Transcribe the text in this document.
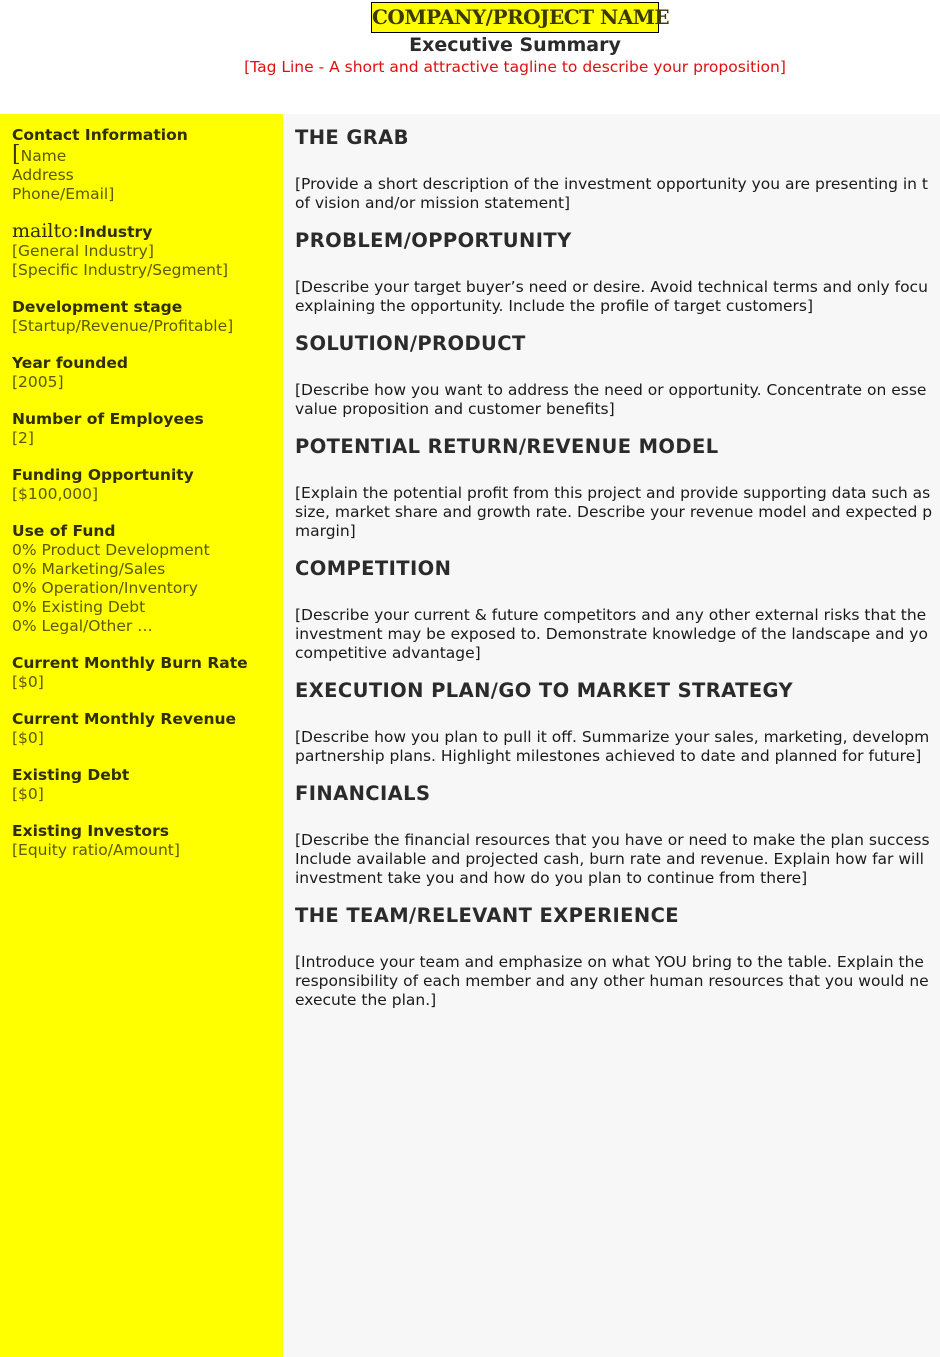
COMPANY/PROJECT NAME
Executive Summary
[Tag Line - A short and attractive tagline to describe your proposition]
Contact Information
[Name
Address
Phone/Email]
mailto:Industry
[General Industry]
[Specific Industry/Segment]
Development stage
[Startup/Revenue/Profitable]
Year founded
[2005]
Number of Employees
[2]
Funding Opportunity
[$100,000]
Use of Fund
0% Product Development
0% Marketing/Sales
0% Operation/Inventory
0% Existing Debt
0% Legal/Other …
Current Monthly Burn Rate
[$0]
Current Monthly Revenue
[$0]
Existing Debt
[$0]
Existing Investors
[Equity ratio/Amount]
THE GRAB
[Provide a short description of the investment opportunity you are presenting in t
of vision and/or mission statement]
PROBLEM/OPPORTUNITY
[Describe your target buyer’s need or desire. Avoid technical terms and only focu
explaining the opportunity. Include the profile of target customers]
SOLUTION/PRODUCT
[Describe how you want to address the need or opportunity. Concentrate on esse
value proposition and customer benefits]
POTENTIAL RETURN/REVENUE MODEL
[Explain the potential profit from this project and provide supporting data such as
size, market share and growth rate. Describe your revenue model and expected p
margin]
COMPETITION
[Describe your current & future competitors and any other external risks that the
investment may be exposed to. Demonstrate knowledge of the landscape and yo
competitive advantage]
EXECUTION PLAN/GO TO MARKET STRATEGY
[Describe how you plan to pull it off. Summarize your sales, marketing, developm
partnership plans. Highlight milestones achieved to date and planned for future]
FINANCIALS
[Describe the financial resources that you have or need to make the plan success
Include available and projected cash, burn rate and revenue. Explain how far will
investment take you and how do you plan to continue from there]
THE TEAM/RELEVANT EXPERIENCE
[Introduce your team and emphasize on what YOU bring to the table. Explain the
responsibility of each member and any other human resources that you would ne
execute the plan.]
